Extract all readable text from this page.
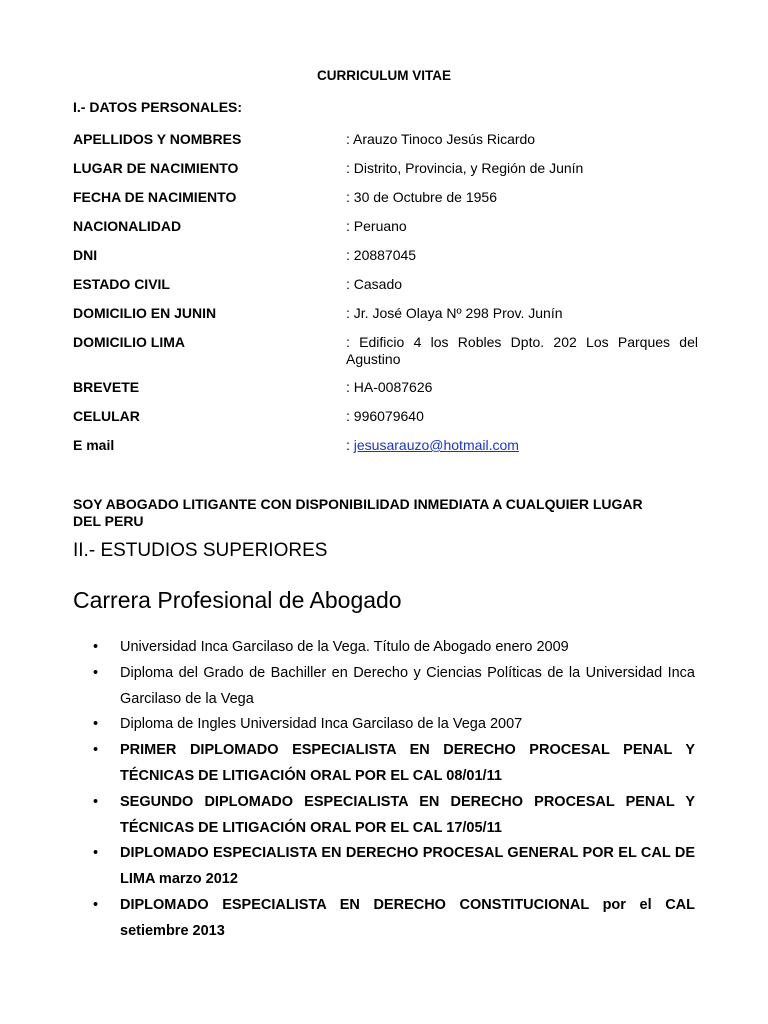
CURRICULUM VITAE
I.- DATOS PERSONALES:
APELLIDOS Y NOMBRES	: Arauzo Tinoco Jesús Ricardo
LUGAR DE NACIMIENTO	: Distrito, Provincia, y Región de Junín
FECHA DE NACIMIENTO	: 30 de Octubre de 1956
NACIONALIDAD	: Peruano
DNI	: 20887045
ESTADO CIVIL	: Casado
DOMICILIO EN JUNIN	: Jr. José Olaya Nº 298 Prov. Junín
DOMICILIO LIMA	: Edificio 4 los Robles Dpto. 202 Los Parques del Agustino
BREVETE	: HA-0087626
CELULAR	: 996079640
E mail	: jesusarauzo@hotmail.com
SOY ABOGADO LITIGANTE CON DISPONIBILIDAD INMEDIATA A CUALQUIER LUGAR DEL PERU
II.- ESTUDIOS SUPERIORES
Carrera Profesional de Abogado
• Universidad Inca Garcilaso de la Vega. Título de Abogado enero 2009
• Diploma del Grado de Bachiller en Derecho y Ciencias Políticas de la Universidad Inca Garcilaso de la Vega
• Diploma de Ingles Universidad Inca Garcilaso de la Vega 2007
• PRIMER DIPLOMADO ESPECIALISTA EN DERECHO PROCESAL PENAL Y TÉCNICAS DE LITIGACIÓN ORAL POR EL CAL 08/01/11
• SEGUNDO DIPLOMADO ESPECIALISTA EN DERECHO PROCESAL PENAL Y TÉCNICAS DE LITIGACIÓN ORAL POR EL CAL 17/05/11
• DIPLOMADO ESPECIALISTA EN DERECHO PROCESAL GENERAL POR EL CAL DE LIMA marzo 2012
• DIPLOMADO ESPECIALISTA EN DERECHO CONSTITUCIONAL por el CAL setiembre 2013
